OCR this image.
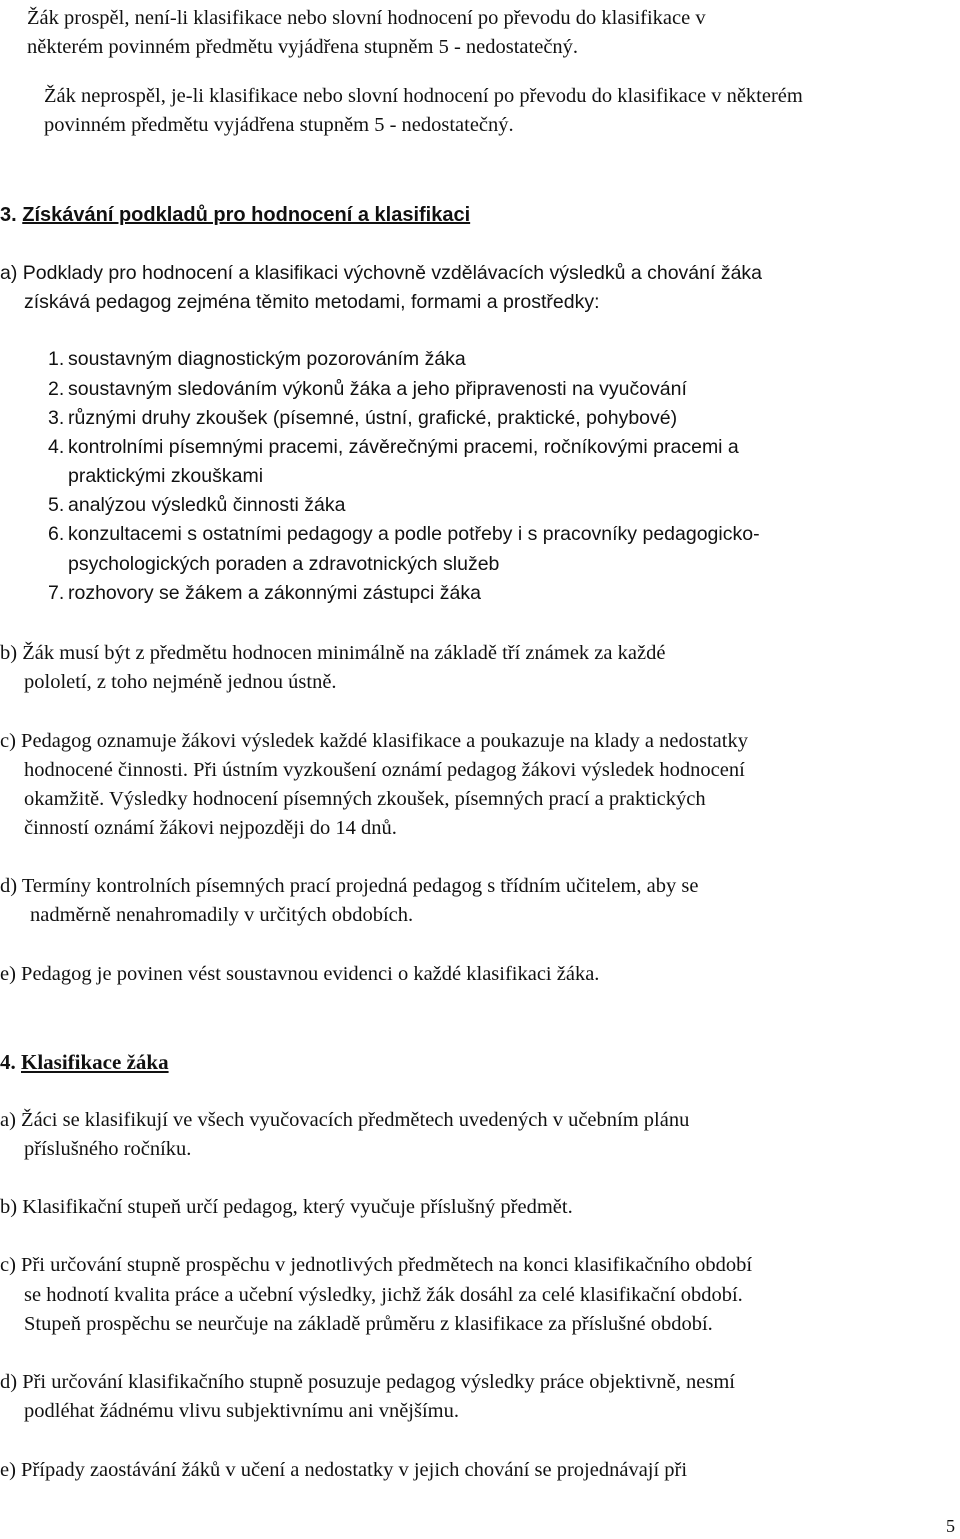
Žák prospěl, není-li klasifikace nebo slovní hodnocení po převodu do klasifikace v
některém povinném předmětu vyjádřena stupněm 5 - nedostatečný.
Žák neprospěl, je-li klasifikace nebo slovní hodnocení po převodu do klasifikace v některém
povinném předmětu vyjádřena stupněm 5 - nedostatečný.
3. Získávání podkladů pro hodnocení a klasifikaci
a) Podklady pro hodnocení a klasifikaci výchovně vzdělávacích výsledků a chování žáka
získává pedagog zejména těmito metodami, formami a prostředky:
1. soustavným diagnostickým pozorováním žáka
2. soustavným sledováním výkonů žáka a jeho připravenosti na vyučování
3. různými druhy zkoušek (písemné, ústní, grafické, praktické, pohybové)
4. kontrolními písemnými pracemi, závěrečnými pracemi, ročníkovými pracemi a
praktickými zkouškami
5. analýzou výsledků činnosti žáka
6. konzultacemi s ostatními pedagogy a podle potřeby i s pracovníky pedagogicko-
psychologických poraden a zdravotnických služeb
7. rozhovory se žákem a zákonnými zástupci žáka
b) Žák musí být z předmětu hodnocen minimálně na základě tří známek za každé
pololetí, z toho nejméně jednou ústně.
c) Pedagog oznamuje žákovi výsledek každé klasifikace a poukazuje na klady a nedostatky
hodnocené činnosti. Při ústním vyzkoušení oznámí pedagog žákovi výsledek hodnocení
okamžitě. Výsledky hodnocení písemných zkoušek, písemných prací a praktických
činností oznámí žákovi nejpozději do 14 dnů.
d) Termíny kontrolních písemných prací projedná pedagog s třídním učitelem, aby se
nadměrně nenahromadily v určitých obdobích.
e) Pedagog je povinen vést soustavnou evidenci o každé klasifikaci žáka.
4. Klasifikace žáka
a) Žáci se klasifikují ve všech vyučovacích předmětech uvedených v učebním plánu
příslušného ročníku.
b) Klasifikační stupeň určí pedagog, který vyučuje příslušný předmět.
c) Při určování stupně prospěchu v jednotlivých předmětech na konci klasifikačního období
se hodnotí kvalita práce a učební výsledky, jichž žák dosáhl za celé klasifikační období.
Stupeň prospěchu se neurčuje na základě průměru z klasifikace za příslušné období.
d) Při určování klasifikačního stupně posuzuje pedagog výsledky práce objektivně, nesmí
podléhat žádnému vlivu subjektivnímu ani vnějšímu.
e) Případy zaostávání žáků v učení a nedostatky v jejich chování se projednávají při
5
